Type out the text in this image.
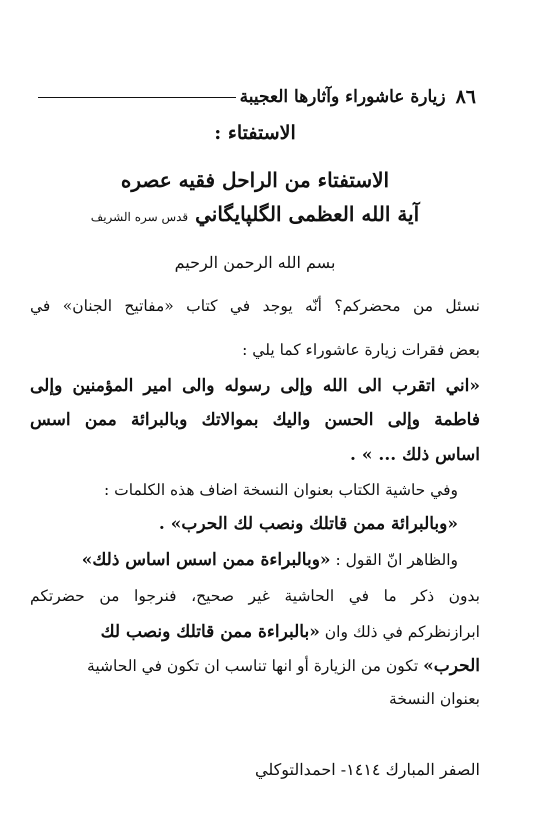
٨٦
زيارة عاشوراء وآثارها العجيبة
الاستفتاء :
الاستفتاء من الراحل فقيه عصره
آية الله العظمى الگلپايگاني قدس سره الشريف
بسم الله الرحمن الرحيم
نسئل من محضركم؟ أنّه يوجد في كتاب «مفاتيح الجنان» في
بعض فقرات زيارة عاشوراء كما يلي :
«اني اتقرب الى الله وإلى رسوله والى امير المؤمنين وإلى
فاطمة وإلى الحسن واليك بموالاتك وبالبرائة ممن اسس
اساس ذلك ... » .
وفي حاشية الكتاب بعنوان النسخة اضاف هذه الكلمات :
«وبالبرائة ممن قاتلك ونصب لك الحرب» .
والظاهر انّ القول : «وبالبراءة ممن اسس اساس ذلك»
بدون ذكر ما في الحاشية غير صحيح، فنرجوا من حضرتكم
ابرازنظركم في ذلك وان «بالبراءة ممن قاتلك ونصب لك
الحرب» تكون من الزيارة أو انها تناسب ان تكون في الحاشية
بعنوان النسخة
الصفر المبارك ١٤١٤- احمدالتوكلي
